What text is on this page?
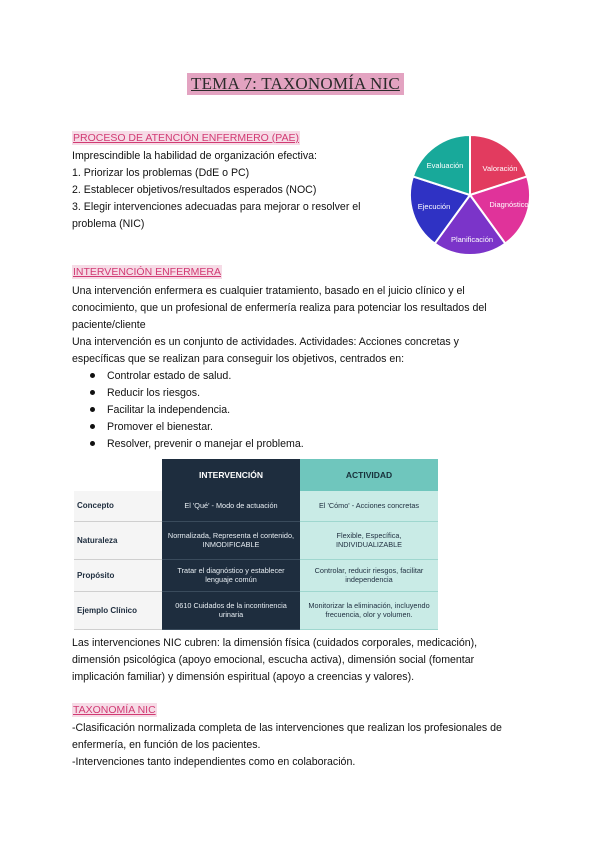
TEMA 7: TAXONOMÍA NIC
PROCESO DE ATENCIÓN ENFERMERO (PAE)
Imprescindible la habilidad de organización efectiva:
1. Priorizar los problemas (DdE o PC)
2. Establecer objetivos/resultados esperados (NOC)
3. Elegir intervenciones adecuadas para mejorar o resolver el
problema (NIC)
Valoración
Diagnóstico
Planificación
Ejecución
Evaluación
INTERVENCIÓN ENFERMERA
Una intervención enfermera es cualquier tratamiento, basado en el juicio clínico y el
conocimiento, que un profesional de enfermería realiza para potenciar los resultados del
paciente/cliente
Una intervención es un conjunto de actividades. Actividades: Acciones concretas y
específicas que se realizan para conseguir los objetivos, centrados en:
Controlar estado de salud.
Reducir los riesgos.
Facilitar la independencia.
Promover el bienestar.
Resolver, prevenir o manejar el problema.
	INTERVENCIÓN	ACTIVIDAD
Concepto	El 'Qué' - Modo de actuación	El 'Cómo' - Acciones concretas
Naturaleza	Normalizada, Representa el contenido, INMODIFICABLE	Flexible, Específica, INDIVIDUALIZABLE
Propósito	Tratar el diagnóstico y establecer lenguaje común	Controlar, reducir riesgos, facilitar independencia
Ejemplo Clínico	0610 Cuidados de la incontinencia urinaria	Monitorizar la eliminación, incluyendo frecuencia, olor y volumen.
Las intervenciones NIC cubren: la dimensión física (cuidados corporales, medicación),
dimensión psicológica (apoyo emocional, escucha activa), dimensión social (fomentar
implicación familiar) y dimensión espiritual (apoyo a creencias y valores).
TAXONOMÍA NIC
-Clasificación normalizada completa de las intervenciones que realizan los profesionales de
enfermería, en función de los pacientes.
-Intervenciones tanto independientes como en colaboración.
